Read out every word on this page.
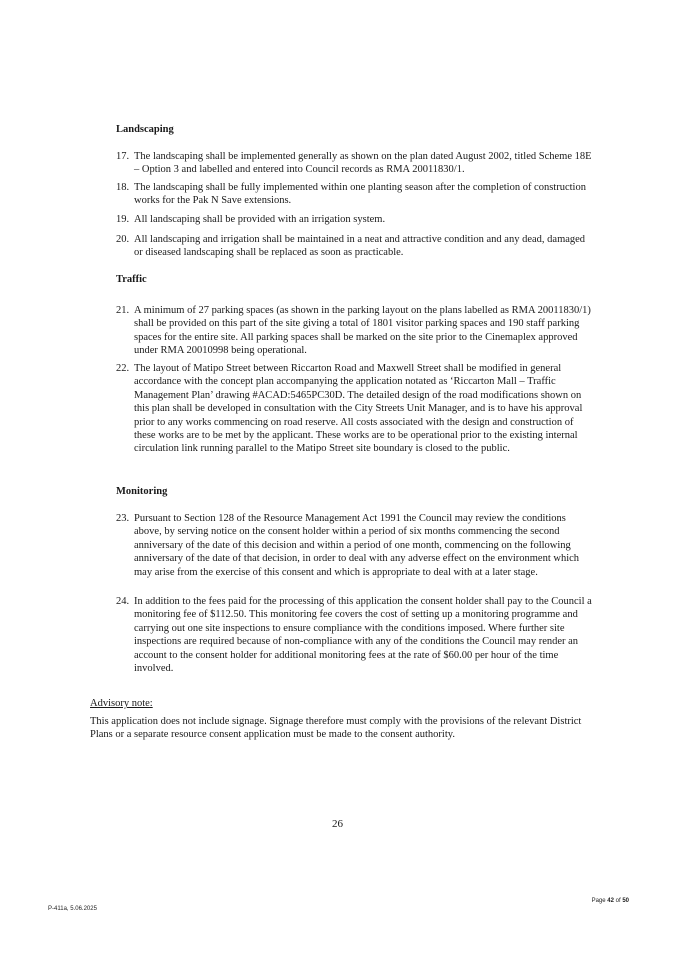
Landscaping
17. The landscaping shall be implemented generally as shown on the plan dated August 2002, titled Scheme 18E – Option 3 and labelled and entered into Council records as RMA 20011830/1.

18. The landscaping shall be fully implemented within one planting season after the completion of construction works for the Pak N Save extensions.

19. All landscaping shall be provided with an irrigation system.

20. All landscaping and irrigation shall be maintained in a neat and attractive condition and any dead, damaged or diseased landscaping shall be replaced as soon as practicable.

Traffic
21. A minimum of 27 parking spaces (as shown in the parking layout on the plans labelled as RMA 20011830/1) shall be provided on this part of the site giving a total of 1801 visitor parking spaces and 190 staff parking spaces for the entire site. All parking spaces shall be marked on the site prior to the Cinemaplex approved under RMA 20010998 being operational.

22. The layout of Matipo Street between Riccarton Road and Maxwell Street shall be modified in general accordance with the concept plan accompanying the application notated as ‘Riccarton Mall – Traffic Management Plan’ drawing #ACAD:5465PC30D. The detailed design of the road modifications shown on this plan shall be developed in consultation with the City Streets Unit Manager, and is to have his approval prior to any works commencing on road reserve. All costs associated with the design and construction of these works are to be met by the applicant. These works are to be operational prior to the existing internal circulation link running parallel to the Matipo Street site boundary is closed to the public.

Monitoring
23. Pursuant to Section 128 of the Resource Management Act 1991 the Council may review the conditions above, by serving notice on the consent holder within a period of six months commencing the second anniversary of the date of this decision and within a period of one month, commencing on the following anniversary of the date of that decision, in order to deal with any adverse effect on the environment which may arise from the exercise of this consent and which is appropriate to deal with at a later stage.

24. In addition to the fees paid for the processing of this application the consent holder shall pay to the Council a monitoring fee of $112.50. This monitoring fee covers the cost of setting up a monitoring programme and carrying out one site inspections to ensure compliance with the conditions imposed. Where further site inspections are required because of non-compliance with any of the conditions the Council may render an account to the consent holder for additional monitoring fees at the rate of $60.00 per hour of the time involved.

Advisory note:

This application does not include signage. Signage therefore must comply with the provisions of the relevant District Plans or a separate resource consent application must be made to the consent authority.

26
P-411a, 5.06.2025
Page 42 of 50
